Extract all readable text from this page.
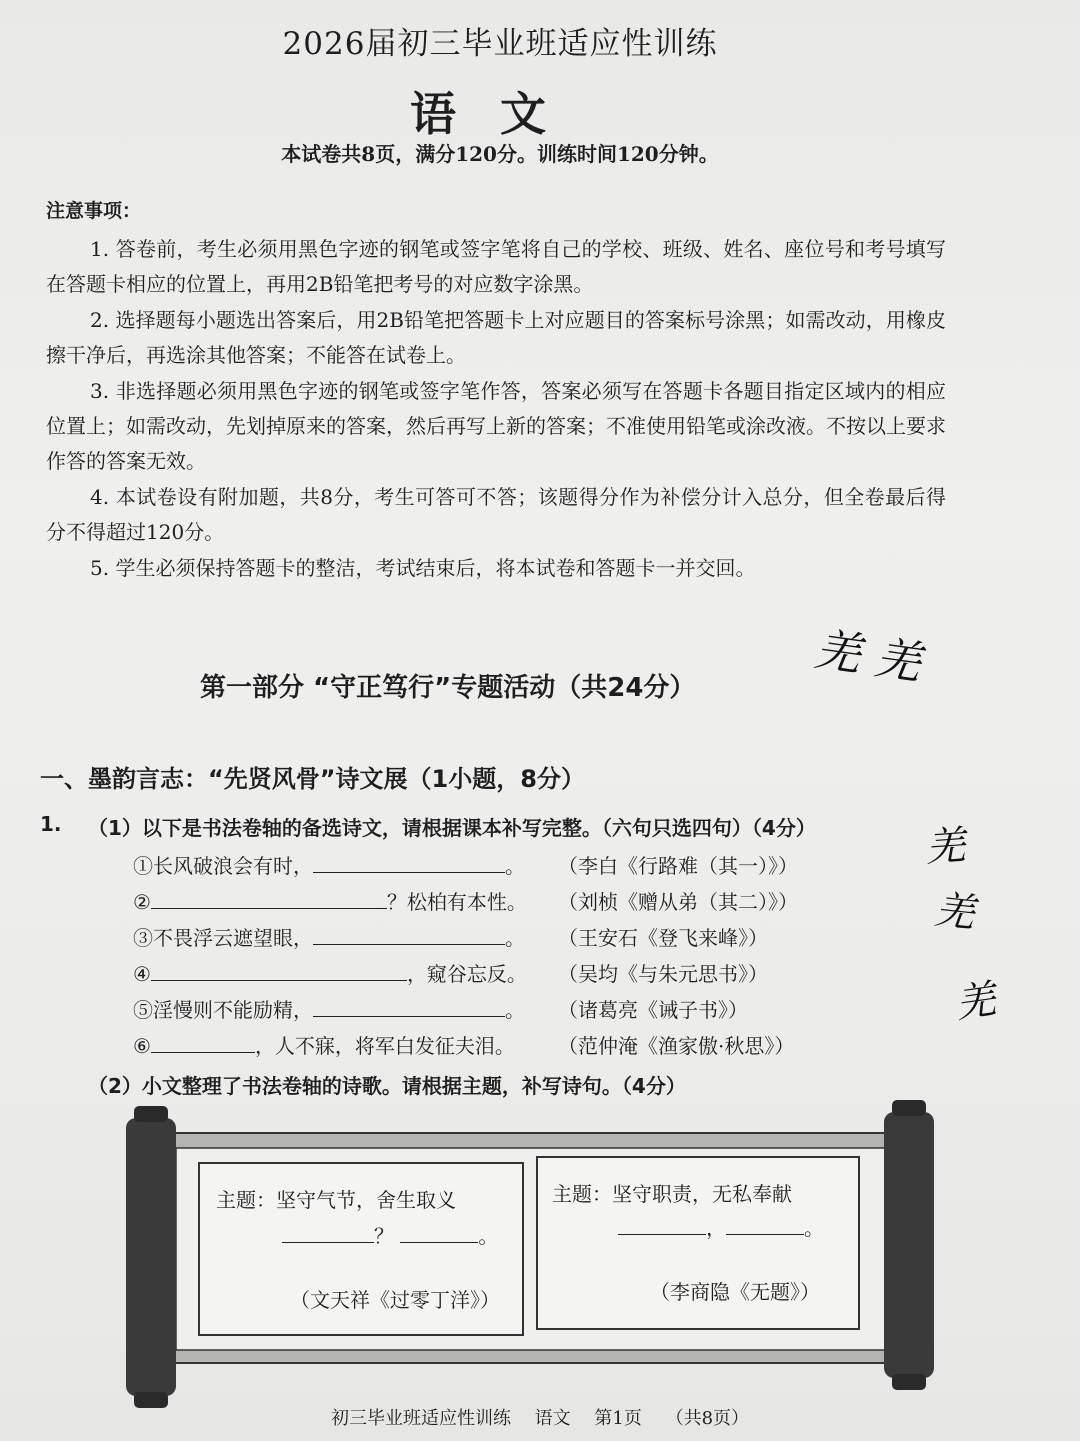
2026届初三毕业班适应性训练
语文
本试卷共8页，满分120分。训练时间120分钟。
注意事项：
1. 答卷前，考生必须用黑色字迹的钢笔或签字笔将自己的学校、班级、姓名、座位号和考号填写在答题卡相应的位置上，再用2B铅笔把考号的对应数字涂黑。
2. 选择题每小题选出答案后，用2B铅笔把答题卡上对应题目的答案标号涂黑；如需改动，用橡皮擦干净后，再选涂其他答案；不能答在试卷上。
3. 非选择题必须用黑色字迹的钢笔或签字笔作答，答案必须写在答题卡各题目指定区域内的相应位置上；如需改动，先划掉原来的答案，然后再写上新的答案；不准使用铅笔或涂改液。不按以上要求作答的答案无效。
4. 本试卷设有附加题，共8分，考生可答可不答；该题得分作为补偿分计入总分，但全卷最后得分不得超过120分。
5. 学生必须保持答题卡的整洁，考试结束后，将本试卷和答题卡一并交回。
第一部分 “守正笃行”专题活动（共24分）	羌 羌
羌
羌
羌
一、墨韵言志：“先贤风骨”诗文展（1小题，8分）
1. （1）以下是书法卷轴的备选诗文，请根据课本补写完整。（六句只选四句）（4分）
①长风破浪会有时，	。 （李白《行路难（其一）》）
②	？松柏有本性。 （刘桢《赠从弟（其二）》）
③不畏浮云遮望眼，	。 （王安石《登飞来峰》）
④	，窥谷忘反。 （吴均《与朱元思书》）
⑤淫慢则不能励精，	。 （诸葛亮《诫子书》）
⑥	，人不寐，将军白发征夫泪。 （范仲淹《渔家傲·秋思》）
（2）小文整理了书法卷轴的诗歌。请根据主题，补写诗句。（4分）
主题：坚守气节，舍生取义
？	。
（文天祥《过零丁洋》）
主题：坚守职责，无私奉献
，	。
（李商隐《无题》）
初三毕业班适应性训练　 语文　 第1页　 （共8页）
